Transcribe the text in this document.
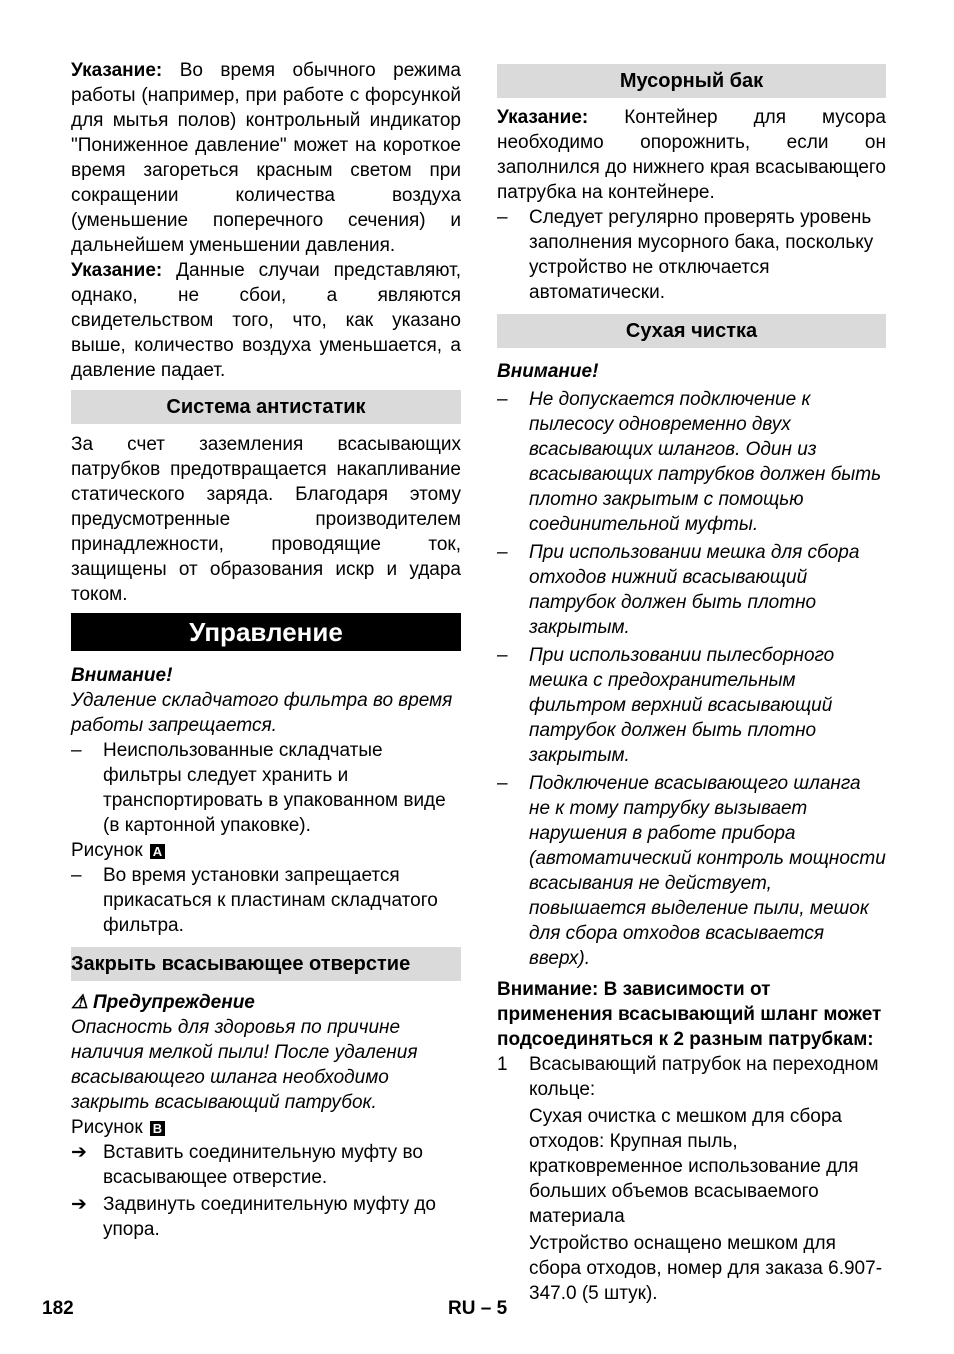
Указание: Во время обычного режима работы (например, при работе с форсункой для мытья полов) контрольный индикатор "Пониженное давление" может на короткое время загореться красным светом при сокращении количества воздуха (уменьшение поперечного сечения) и дальнейшем уменьшении давления.

Указание: Данные случаи представляют, однако, не сбои, а являются свидетельством того, что, как указано выше, количество воздуха уменьшается, а давление падает.

Система антистатик

За счет заземления всасывающих патрубков предотвращается накапливание статического заряда. Благодаря этому предусмотренные производителем принадлежности, проводящие ток, защищены от образования искр и удара током.

Управление

Внимание!

Удаление складчатого фильтра во время работы запрещается.

–	Неиспользованные складчатые фильтры следует хранить и транспортировать в упакованном виде (в картонной упаковке).

Рисунок A

–	Во время установки запрещается прикасаться к пластинам складчатого фильтра.
Закрыть всасывающее отверстие

⚠ Предупреждение

Опасность для здоровья по причине наличия мелкой пыли! После удаления всасывающего шланга необходимо закрыть всасывающий патрубок.

Рисунок B

➔ Вставить соединительную муфту во всасывающее отверстие.
➔ Задвинуть соединительную муфту до упора.
Мусорный бак

Указание: Контейнер для мусора необходимо опорожнить, если он заполнился до нижнего края всасывающего патрубка на контейнере.

–	Следует регулярно проверять уровень заполнения мусорного бака, поскольку устройство не отключается автоматически.
Сухая чистка

Внимание!

–	Не допускается подключение к пылесосу одновременно двух всасывающих шлангов. Один из всасывающих патрубков должен быть плотно закрытым с помощью соединительной муфты.
–	При использовании мешка для сбора отходов нижний всасывающий патрубок должен быть плотно закрытым.
–	При использовании пылесборного мешка с предохранительным фильтром верхний всасывающий патрубок должен быть плотно закрытым.
–	Подключение всасывающего шланга не к тому патрубку вызывает нарушения в работе прибора (автоматический контроль мощности всасывания не действует, повышается выделение пыли, мешок для сбора отходов всасывается вверх).

Внимание: В зависимости от применения всасывающий шланг может подсоединяться к 2 разным патрубкам:

1	Всасывающий патрубок на переходном кольце:

Сухая очистка с мешком для сбора отходов: Крупная пыль, кратковременное использование для больших объемов всасываемого материала

Устройство оснащено мешком для сбора отходов, номер для заказа 6.907-347.0 (5 штук).

182	RU – 5
